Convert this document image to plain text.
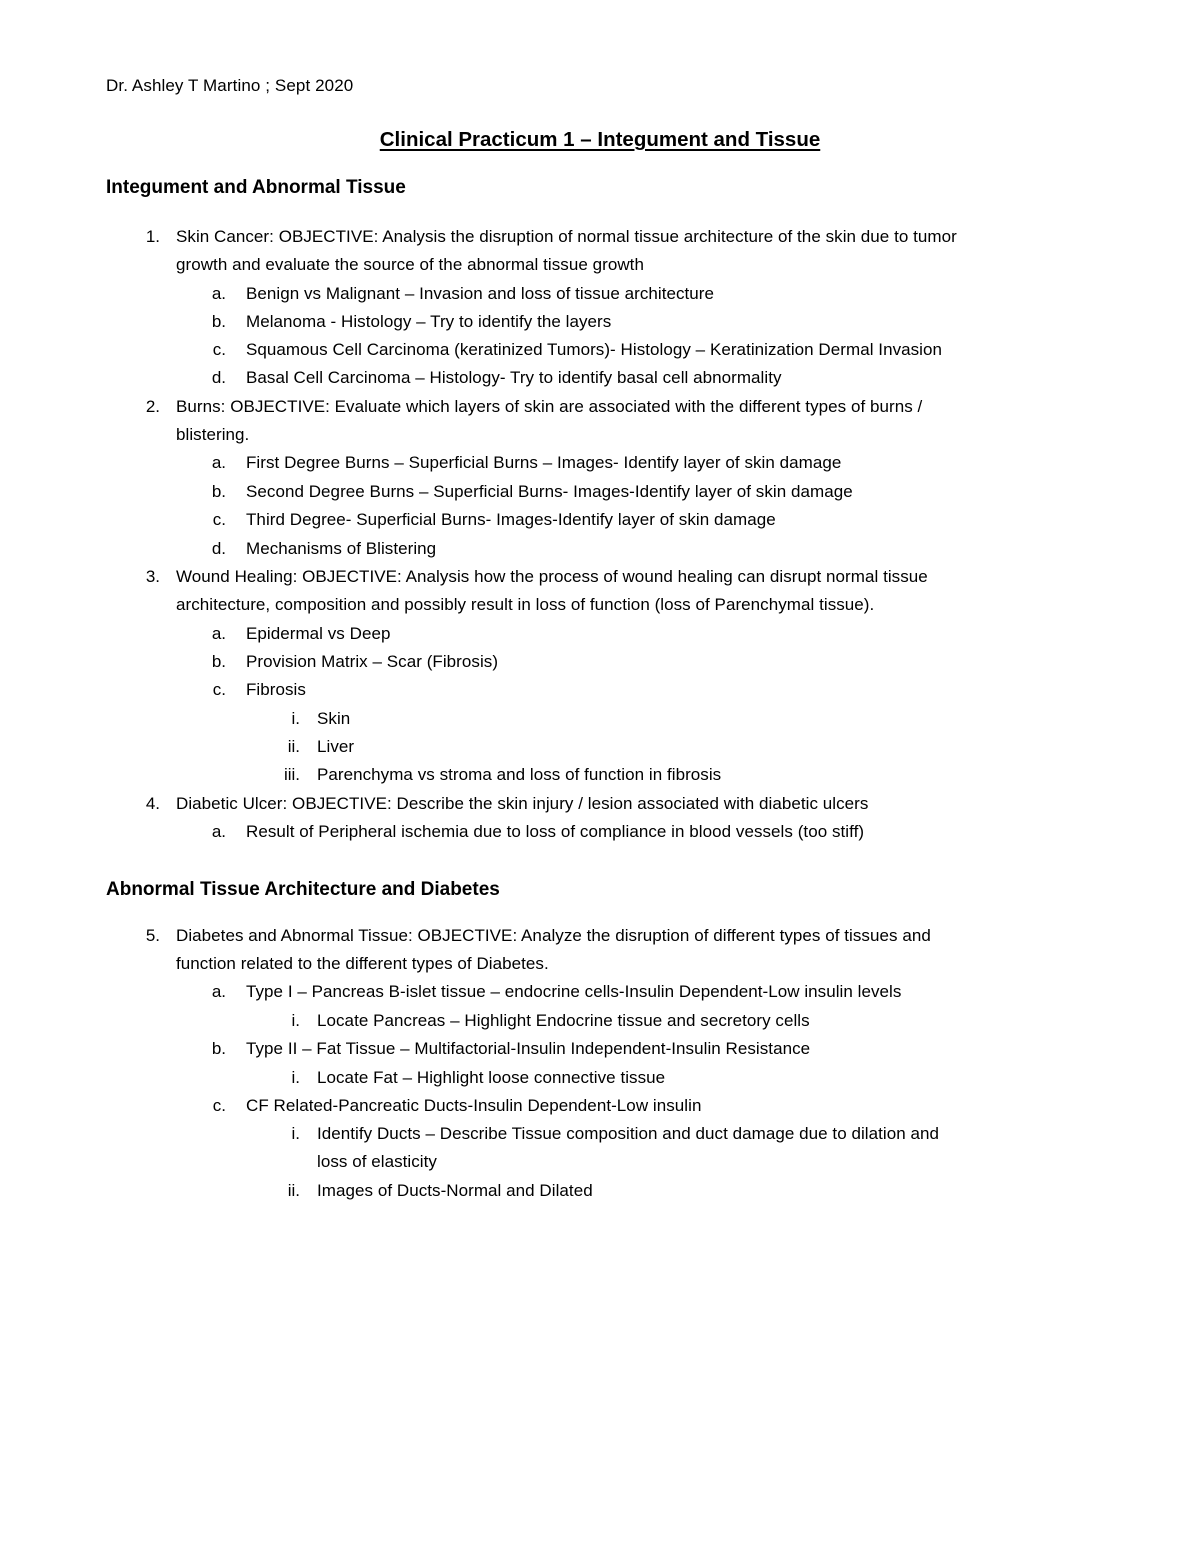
Dr. Ashley T Martino ; Sept 2020
Clinical Practicum 1 – Integument and Tissue
Integument and Abnormal Tissue
1. Skin Cancer: OBJECTIVE: Analysis the disruption of normal tissue architecture of the skin due to tumor
growth and evaluate the source of the abnormal tissue growth
a. Benign vs Malignant – Invasion and loss of tissue architecture
b. Melanoma - Histology – Try to identify the layers
c. Squamous Cell Carcinoma (keratinized Tumors)- Histology – Keratinization Dermal Invasion
d. Basal Cell Carcinoma – Histology- Try to identify basal cell abnormality
2. Burns: OBJECTIVE: Evaluate which layers of skin are associated with the different types of burns /
blistering.
a. First Degree Burns – Superficial Burns – Images- Identify layer of skin damage
b. Second Degree Burns – Superficial Burns- Images-Identify layer of skin damage
c. Third Degree- Superficial Burns- Images-Identify layer of skin damage
d. Mechanisms of Blistering
3. Wound Healing: OBJECTIVE: Analysis how the process of wound healing can disrupt normal tissue
architecture, composition and possibly result in loss of function (loss of Parenchymal tissue).
a. Epidermal vs Deep
b. Provision Matrix – Scar (Fibrosis)
c. Fibrosis
i. Skin
ii. Liver
iii. Parenchyma vs stroma and loss of function in fibrosis
4. Diabetic Ulcer: OBJECTIVE: Describe the skin injury / lesion associated with diabetic ulcers
a. Result of Peripheral ischemia due to loss of compliance in blood vessels (too stiff)
Abnormal Tissue Architecture and Diabetes
5. Diabetes and Abnormal Tissue: OBJECTIVE: Analyze the disruption of different types of tissues and
function related to the different types of Diabetes.
a. Type I – Pancreas B-islet tissue – endocrine cells-Insulin Dependent-Low insulin levels
i. Locate Pancreas – Highlight Endocrine tissue and secretory cells
b. Type II – Fat Tissue – Multifactorial-Insulin Independent-Insulin Resistance
i. Locate Fat – Highlight loose connective tissue
c. CF Related-Pancreatic Ducts-Insulin Dependent-Low insulin
i. Identify Ducts – Describe Tissue composition and duct damage due to dilation and
loss of elasticity
ii. Images of Ducts-Normal and Dilated
